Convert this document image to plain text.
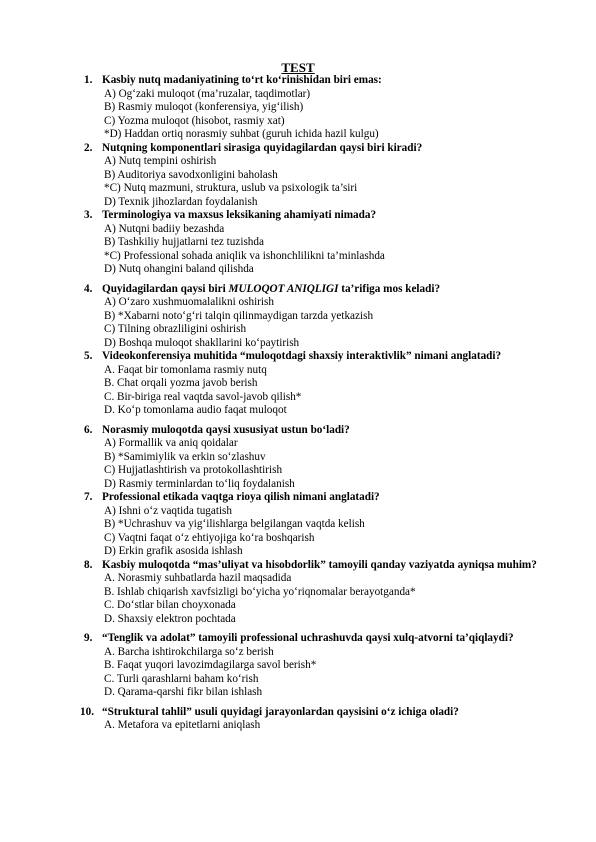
TEST
1. Kasbiy nutq madaniyatining to‘rt ko‘rinishidan biri emas:
A) Og‘zaki muloqot (ma’ruzalar, taqdimotlar)
B) Rasmiy muloqot (konferensiya, yig‘ilish)
C) Yozma muloqot (hisobot, rasmiy xat)
*D) Haddan ortiq norasmiy suhbat (guruh ichida hazil kulgu)
2. Nutqning komponentlari sirasiga quyidagilardan qaysi biri kiradi?
A) Nutq tempini oshirish
B) Auditoriya savodxonligini baholash
*C) Nutq mazmuni, struktura, uslub va psixologik ta’siri
D) Texnik jihozlardan foydalanish
3. Terminologiya va maxsus leksikaning ahamiyati nimada?
A) Nutqni badiiy bezashda
B) Tashkiliy hujjatlarni tez tuzishda
*C) Professional sohada aniqlik va ishonchlilikni ta’minlashda
D) Nutq ohangini baland qilishda
4. Quyidagilardan qaysi biri MULOQOT ANIQLIGI ta’rifiga mos keladi?
A) O‘zaro xushmuomalalikni oshirish
B) *Xabarni noto‘g‘ri talqin qilinmaydigan tarzda yetkazish
C) Tilning obrazliligini oshirish
D) Boshqa muloqot shakllarini ko‘paytirish
5. Videokonferensiya muhitida “muloqotdagi shaxsiy interaktivlik” nimani anglatadi?
A. Faqat bir tomonlama rasmiy nutq
B. Chat orqali yozma javob berish
C. Bir-biriga real vaqtda savol-javob qilish*
D. Ko‘p tomonlama audio faqat muloqot
6. Norasmiy muloqotda qaysi xususiyat ustun bo‘ladi?
A) Formallik va aniq qoidalar
B) *Samimiylik va erkin so‘zlashuv
C) Hujjatlashtirish va protokollashtirish
D) Rasmiy terminlardan to‘liq foydalanish
7. Professional etikada vaqtga rioya qilish nimani anglatadi?
A) Ishni o‘z vaqtida tugatish
B) *Uchrashuv va yig‘ilishlarga belgilangan vaqtda kelish
C) Vaqtni faqat o‘z ehtiyojiga ko‘ra boshqarish
D) Erkin grafik asosida ishlash
8. Kasbiy muloqotda “mas’uliyat va hisobdorlik” tamoyili qanday vaziyatda ayniqsa muhim?
A. Norasmiy suhbatlarda hazil maqsadida
B. Ishlab chiqarish xavfsizligi bo‘yicha yo‘riqnomalar berayotganda*
C. Do‘stlar bilan choyxonada
D. Shaxsiy elektron pochtada
9. “Tenglik va adolat” tamoyili professional uchrashuvda qaysi xulq-atvorni ta’qiqlaydi?
A. Barcha ishtirokchilarga so‘z berish
B. Faqat yuqori lavozimdagilarga savol berish*
C. Turli qarashlarni baham ko‘rish
D. Qarama-qarshi fikr bilan ishlash
10. “Struktural tahlil” usuli quyidagi jarayonlardan qaysisini o‘z ichiga oladi?
A. Metafora va epitetlarni aniqlash
